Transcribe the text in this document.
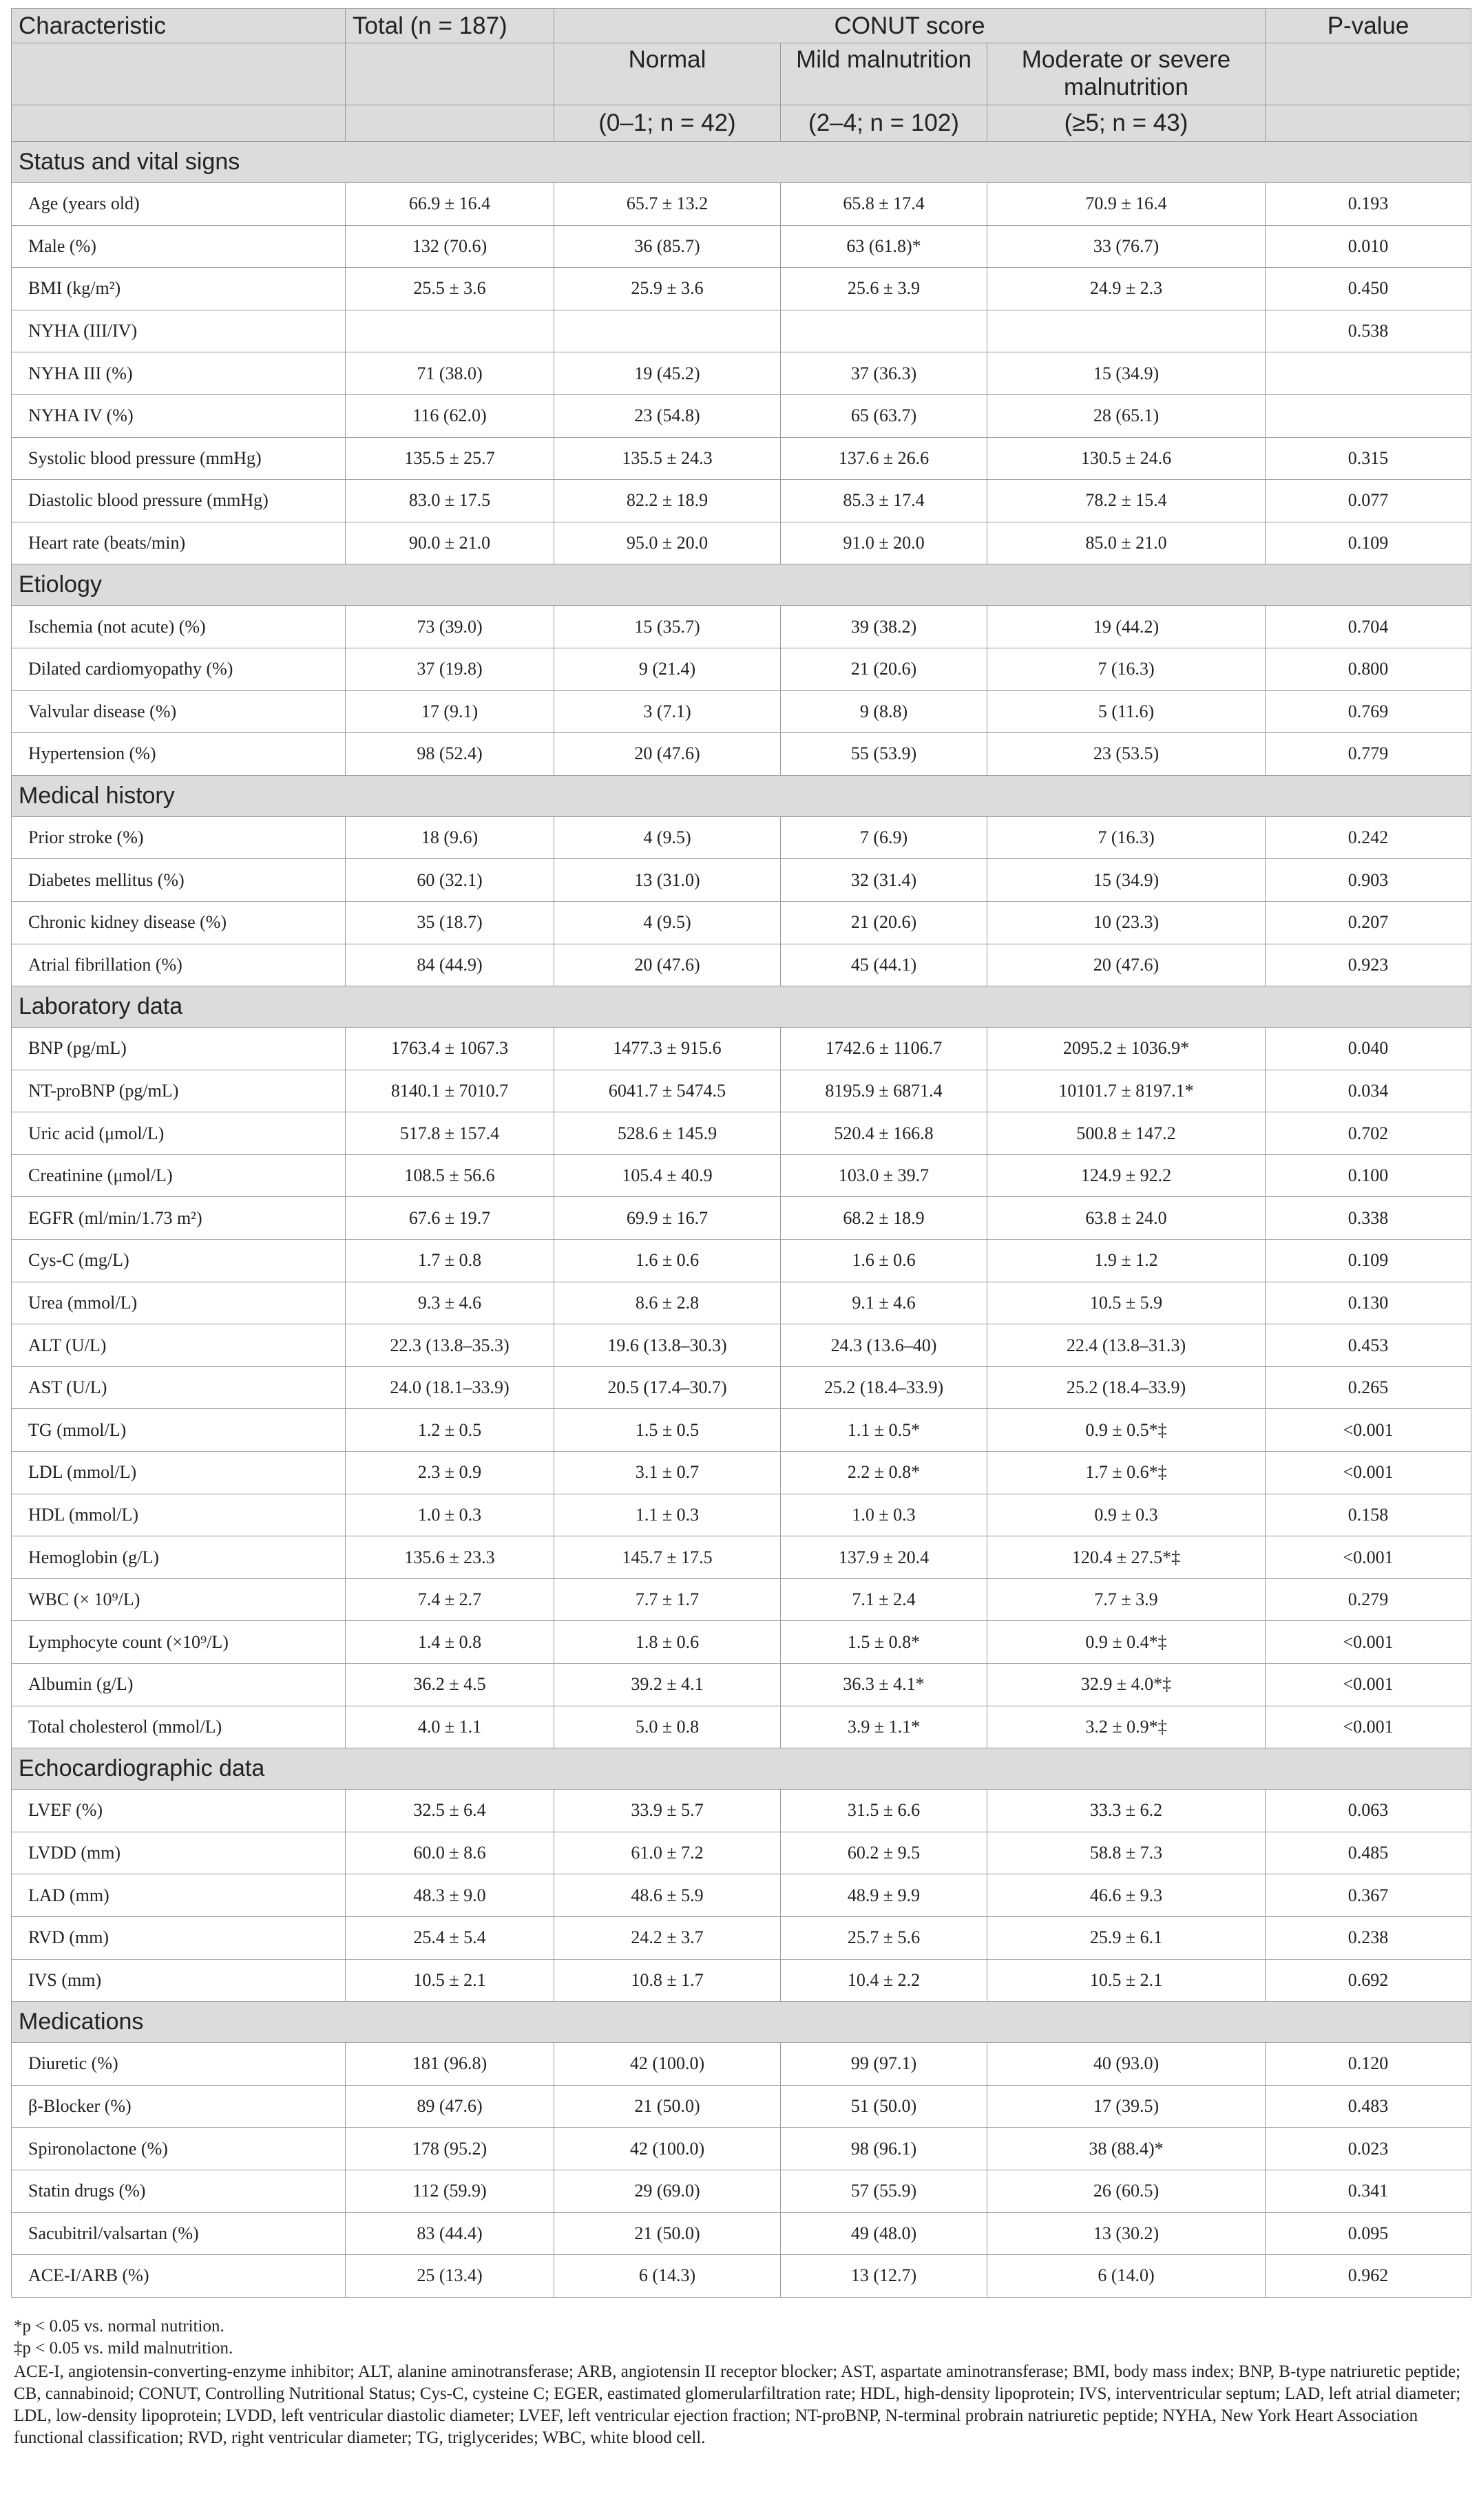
Characteristic	Total (n = 187)	CONUT score			P-value
		Normal	Mild malnutrition	Moderate or severe malnutrition	
		(0–1; n = 42)	(2–4; n = 102)	(≥5; n = 43)	
Status and vital signs					
Age (years old)	66.9 ± 16.4	65.7 ± 13.2	65.8 ± 17.4	70.9 ± 16.4	0.193
Male (%)	132 (70.6)	36 (85.7)	63 (61.8)*	33 (76.7)	0.010
BMI (kg/m²)	25.5 ± 3.6	25.9 ± 3.6	25.6 ± 3.9	24.9 ± 2.3	0.450
NYHA (III/IV)					0.538
NYHA III (%)	71 (38.0)	19 (45.2)	37 (36.3)	15 (34.9)	
NYHA IV (%)	116 (62.0)	23 (54.8)	65 (63.7)	28 (65.1)	
Systolic blood pressure (mmHg)	135.5 ± 25.7	135.5 ± 24.3	137.6 ± 26.6	130.5 ± 24.6	0.315
Diastolic blood pressure (mmHg)	83.0 ± 17.5	82.2 ± 18.9	85.3 ± 17.4	78.2 ± 15.4	0.077
Heart rate (beats/min)	90.0 ± 21.0	95.0 ± 20.0	91.0 ± 20.0	85.0 ± 21.0	0.109
Etiology					
Ischemia (not acute) (%)	73 (39.0)	15 (35.7)	39 (38.2)	19 (44.2)	0.704
Dilated cardiomyopathy (%)	37 (19.8)	9 (21.4)	21 (20.6)	7 (16.3)	0.800
Valvular disease (%)	17 (9.1)	3 (7.1)	9 (8.8)	5 (11.6)	0.769
Hypertension (%)	98 (52.4)	20 (47.6)	55 (53.9)	23 (53.5)	0.779
Medical history					
Prior stroke (%)	18 (9.6)	4 (9.5)	7 (6.9)	7 (16.3)	0.242
Diabetes mellitus (%)	60 (32.1)	13 (31.0)	32 (31.4)	15 (34.9)	0.903
Chronic kidney disease (%)	35 (18.7)	4 (9.5)	21 (20.6)	10 (23.3)	0.207
Atrial fibrillation (%)	84 (44.9)	20 (47.6)	45 (44.1)	20 (47.6)	0.923
Laboratory data					
BNP (pg/mL)	1763.4 ± 1067.3	1477.3 ± 915.6	1742.6 ± 1106.7	2095.2 ± 1036.9*	0.040
NT-proBNP (pg/mL)	8140.1 ± 7010.7	6041.7 ± 5474.5	8195.9 ± 6871.4	10101.7 ± 8197.1*	0.034
Uric acid (μmol/L)	517.8 ± 157.4	528.6 ± 145.9	520.4 ± 166.8	500.8 ± 147.2	0.702
Creatinine (μmol/L)	108.5 ± 56.6	105.4 ± 40.9	103.0 ± 39.7	124.9 ± 92.2	0.100
EGFR (ml/min/1.73 m²)	67.6 ± 19.7	69.9 ± 16.7	68.2 ± 18.9	63.8 ± 24.0	0.338
Cys-C (mg/L)	1.7 ± 0.8	1.6 ± 0.6	1.6 ± 0.6	1.9 ± 1.2	0.109
Urea (mmol/L)	9.3 ± 4.6	8.6 ± 2.8	9.1 ± 4.6	10.5 ± 5.9	0.130
ALT (U/L)	22.3 (13.8–35.3)	19.6 (13.8–30.3)	24.3 (13.6–40)	22.4 (13.8–31.3)	0.453
AST (U/L)	24.0 (18.1–33.9)	20.5 (17.4–30.7)	25.2 (18.4–33.9)	25.2 (18.4–33.9)	0.265
TG (mmol/L)	1.2 ± 0.5	1.5 ± 0.5	1.1 ± 0.5*	0.9 ± 0.5*‡	<0.001
LDL (mmol/L)	2.3 ± 0.9	3.1 ± 0.7	2.2 ± 0.8*	1.7 ± 0.6*‡	<0.001
HDL (mmol/L)	1.0 ± 0.3	1.1 ± 0.3	1.0 ± 0.3	0.9 ± 0.3	0.158
Hemoglobin (g/L)	135.6 ± 23.3	145.7 ± 17.5	137.9 ± 20.4	120.4 ± 27.5*‡	<0.001
WBC (× 10⁹/L)	7.4 ± 2.7	7.7 ± 1.7	7.1 ± 2.4	7.7 ± 3.9	0.279
Lymphocyte count (×10⁹/L)	1.4 ± 0.8	1.8 ± 0.6	1.5 ± 0.8*	0.9 ± 0.4*‡	<0.001
Albumin (g/L)	36.2 ± 4.5	39.2 ± 4.1	36.3 ± 4.1*	32.9 ± 4.0*‡	<0.001
Total cholesterol (mmol/L)	4.0 ± 1.1	5.0 ± 0.8	3.9 ± 1.1*	3.2 ± 0.9*‡	<0.001
Echocardiographic data					
LVEF (%)	32.5 ± 6.4	33.9 ± 5.7	31.5 ± 6.6	33.3 ± 6.2	0.063
LVDD (mm)	60.0 ± 8.6	61.0 ± 7.2	60.2 ± 9.5	58.8 ± 7.3	0.485
LAD (mm)	48.3 ± 9.0	48.6 ± 5.9	48.9 ± 9.9	46.6 ± 9.3	0.367
RVD (mm)	25.4 ± 5.4	24.2 ± 3.7	25.7 ± 5.6	25.9 ± 6.1	0.238
IVS (mm)	10.5 ± 2.1	10.8 ± 1.7	10.4 ± 2.2	10.5 ± 2.1	0.692
Medications					
Diuretic (%)	181 (96.8)	42 (100.0)	99 (97.1)	40 (93.0)	0.120
β-Blocker (%)	89 (47.6)	21 (50.0)	51 (50.0)	17 (39.5)	0.483
Spironolactone (%)	178 (95.2)	42 (100.0)	98 (96.1)	38 (88.4)*	0.023
Statin drugs (%)	112 (59.9)	29 (69.0)	57 (55.9)	26 (60.5)	0.341
Sacubitril/valsartan (%)	83 (44.4)	21 (50.0)	49 (48.0)	13 (30.2)	0.095
ACE-I/ARB (%)	25 (13.4)	6 (14.3)	13 (12.7)	6 (14.0)	0.962
*p < 0.05 vs. normal nutrition.
‡p < 0.05 vs. mild malnutrition.
ACE-I, angiotensin-converting-enzyme inhibitor; ALT, alanine aminotransferase; ARB, angiotensin II receptor blocker; AST, aspartate aminotransferase; BMI, body mass index; BNP, B-type natriuretic peptide; CB, cannabinoid; CONUT, Controlling Nutritional Status; Cys-C, cysteine C; EGER, eastimated glomerularfiltration rate; HDL, high-density lipoprotein; IVS, interventricular septum; LAD, left atrial diameter; LDL, low-density lipoprotein; LVDD, left ventricular diastolic diameter; LVEF, left ventricular ejection fraction; NT-proBNP, N-terminal probrain natriuretic peptide; NYHA, New York Heart Association functional classification; RVD, right ventricular diameter; TG, triglycerides; WBC, white blood cell.
